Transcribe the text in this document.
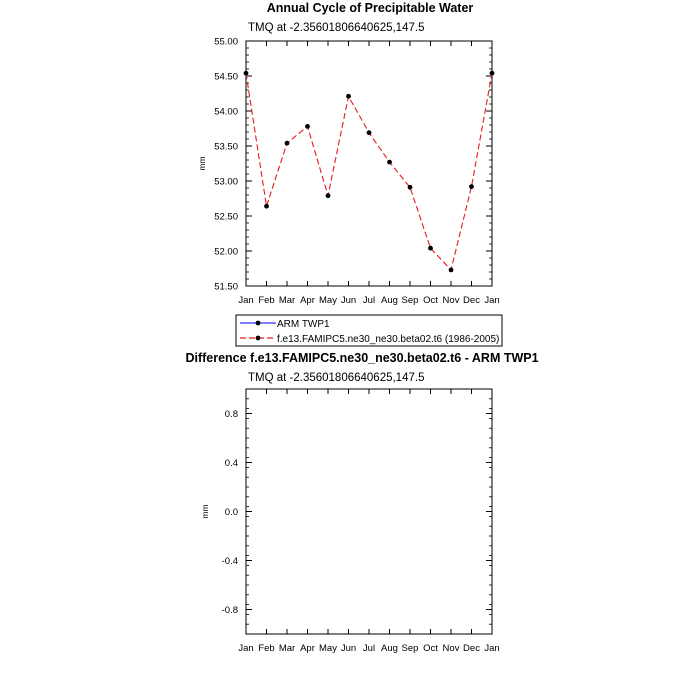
Annual Cycle of Precipitable Water
TMQ at -2.35601806640625,147.5
mm
51.50
52.00
52.50
53.00
53.50
54.00
54.50
55.00
Jan Feb Mar Apr May Jun Jul Aug Sep Oct Nov Dec Jan
ARM TWP1
f.e13.FAMIPC5.ne30_ne30.beta02.t6 (1986-2005)
Difference f.e13.FAMIPC5.ne30_ne30.beta02.t6 - ARM TWP1
TMQ at -2.35601806640625,147.5
mm
-0.8
-0.4
0.0
0.4
0.8
Jan Feb Mar Apr May Jun Jul Aug Sep Oct Nov Dec Jan
